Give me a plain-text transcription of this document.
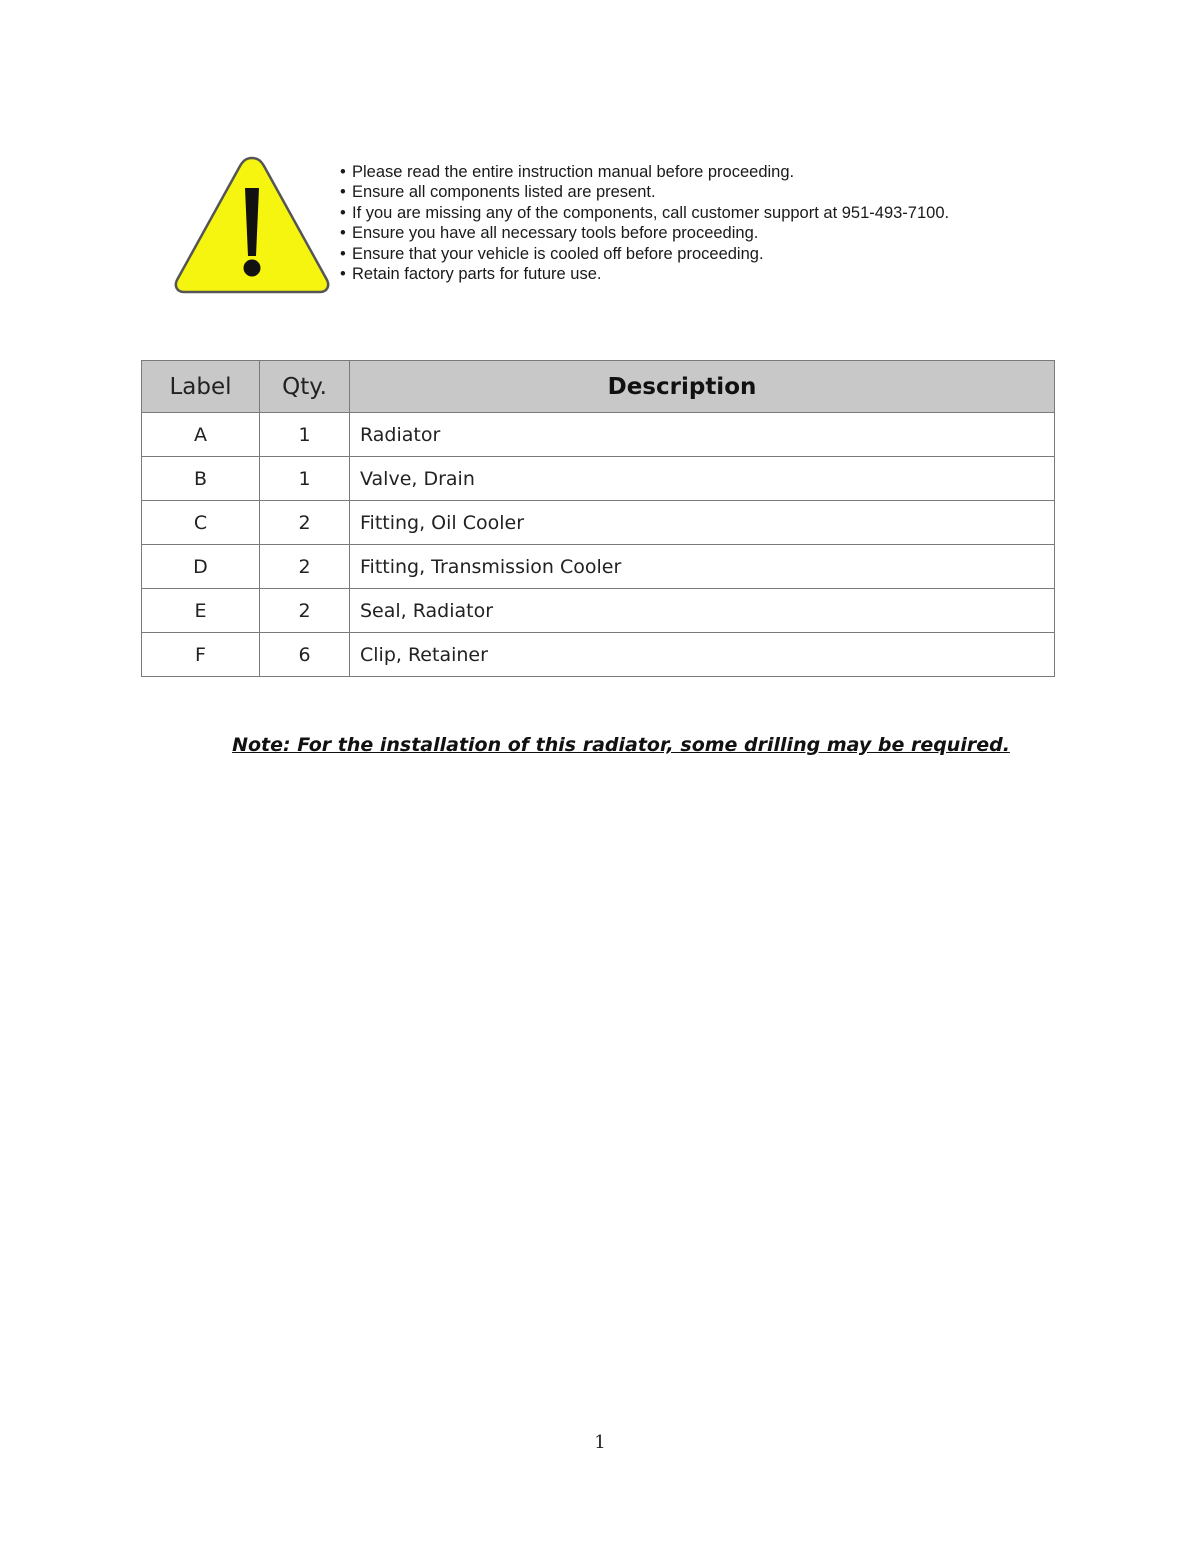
• Please read the entire instruction manual before proceeding.
• Ensure all components listed are present.
• If you are missing any of the components, call customer support at 951-493-7100.
• Ensure you have all necessary tools before proceeding.
• Ensure that your vehicle is cooled off before proceeding.
• Retain factory parts for future use.
Label	Qty.	Description
A	1	Radiator
B	1	Valve, Drain
C	2	Fitting, Oil Cooler
D	2	Fitting, Transmission Cooler
E	2	Seal, Radiator
F	6	Clip, Retainer
Note: For the installation of this radiator, some drilling may be required.
1
